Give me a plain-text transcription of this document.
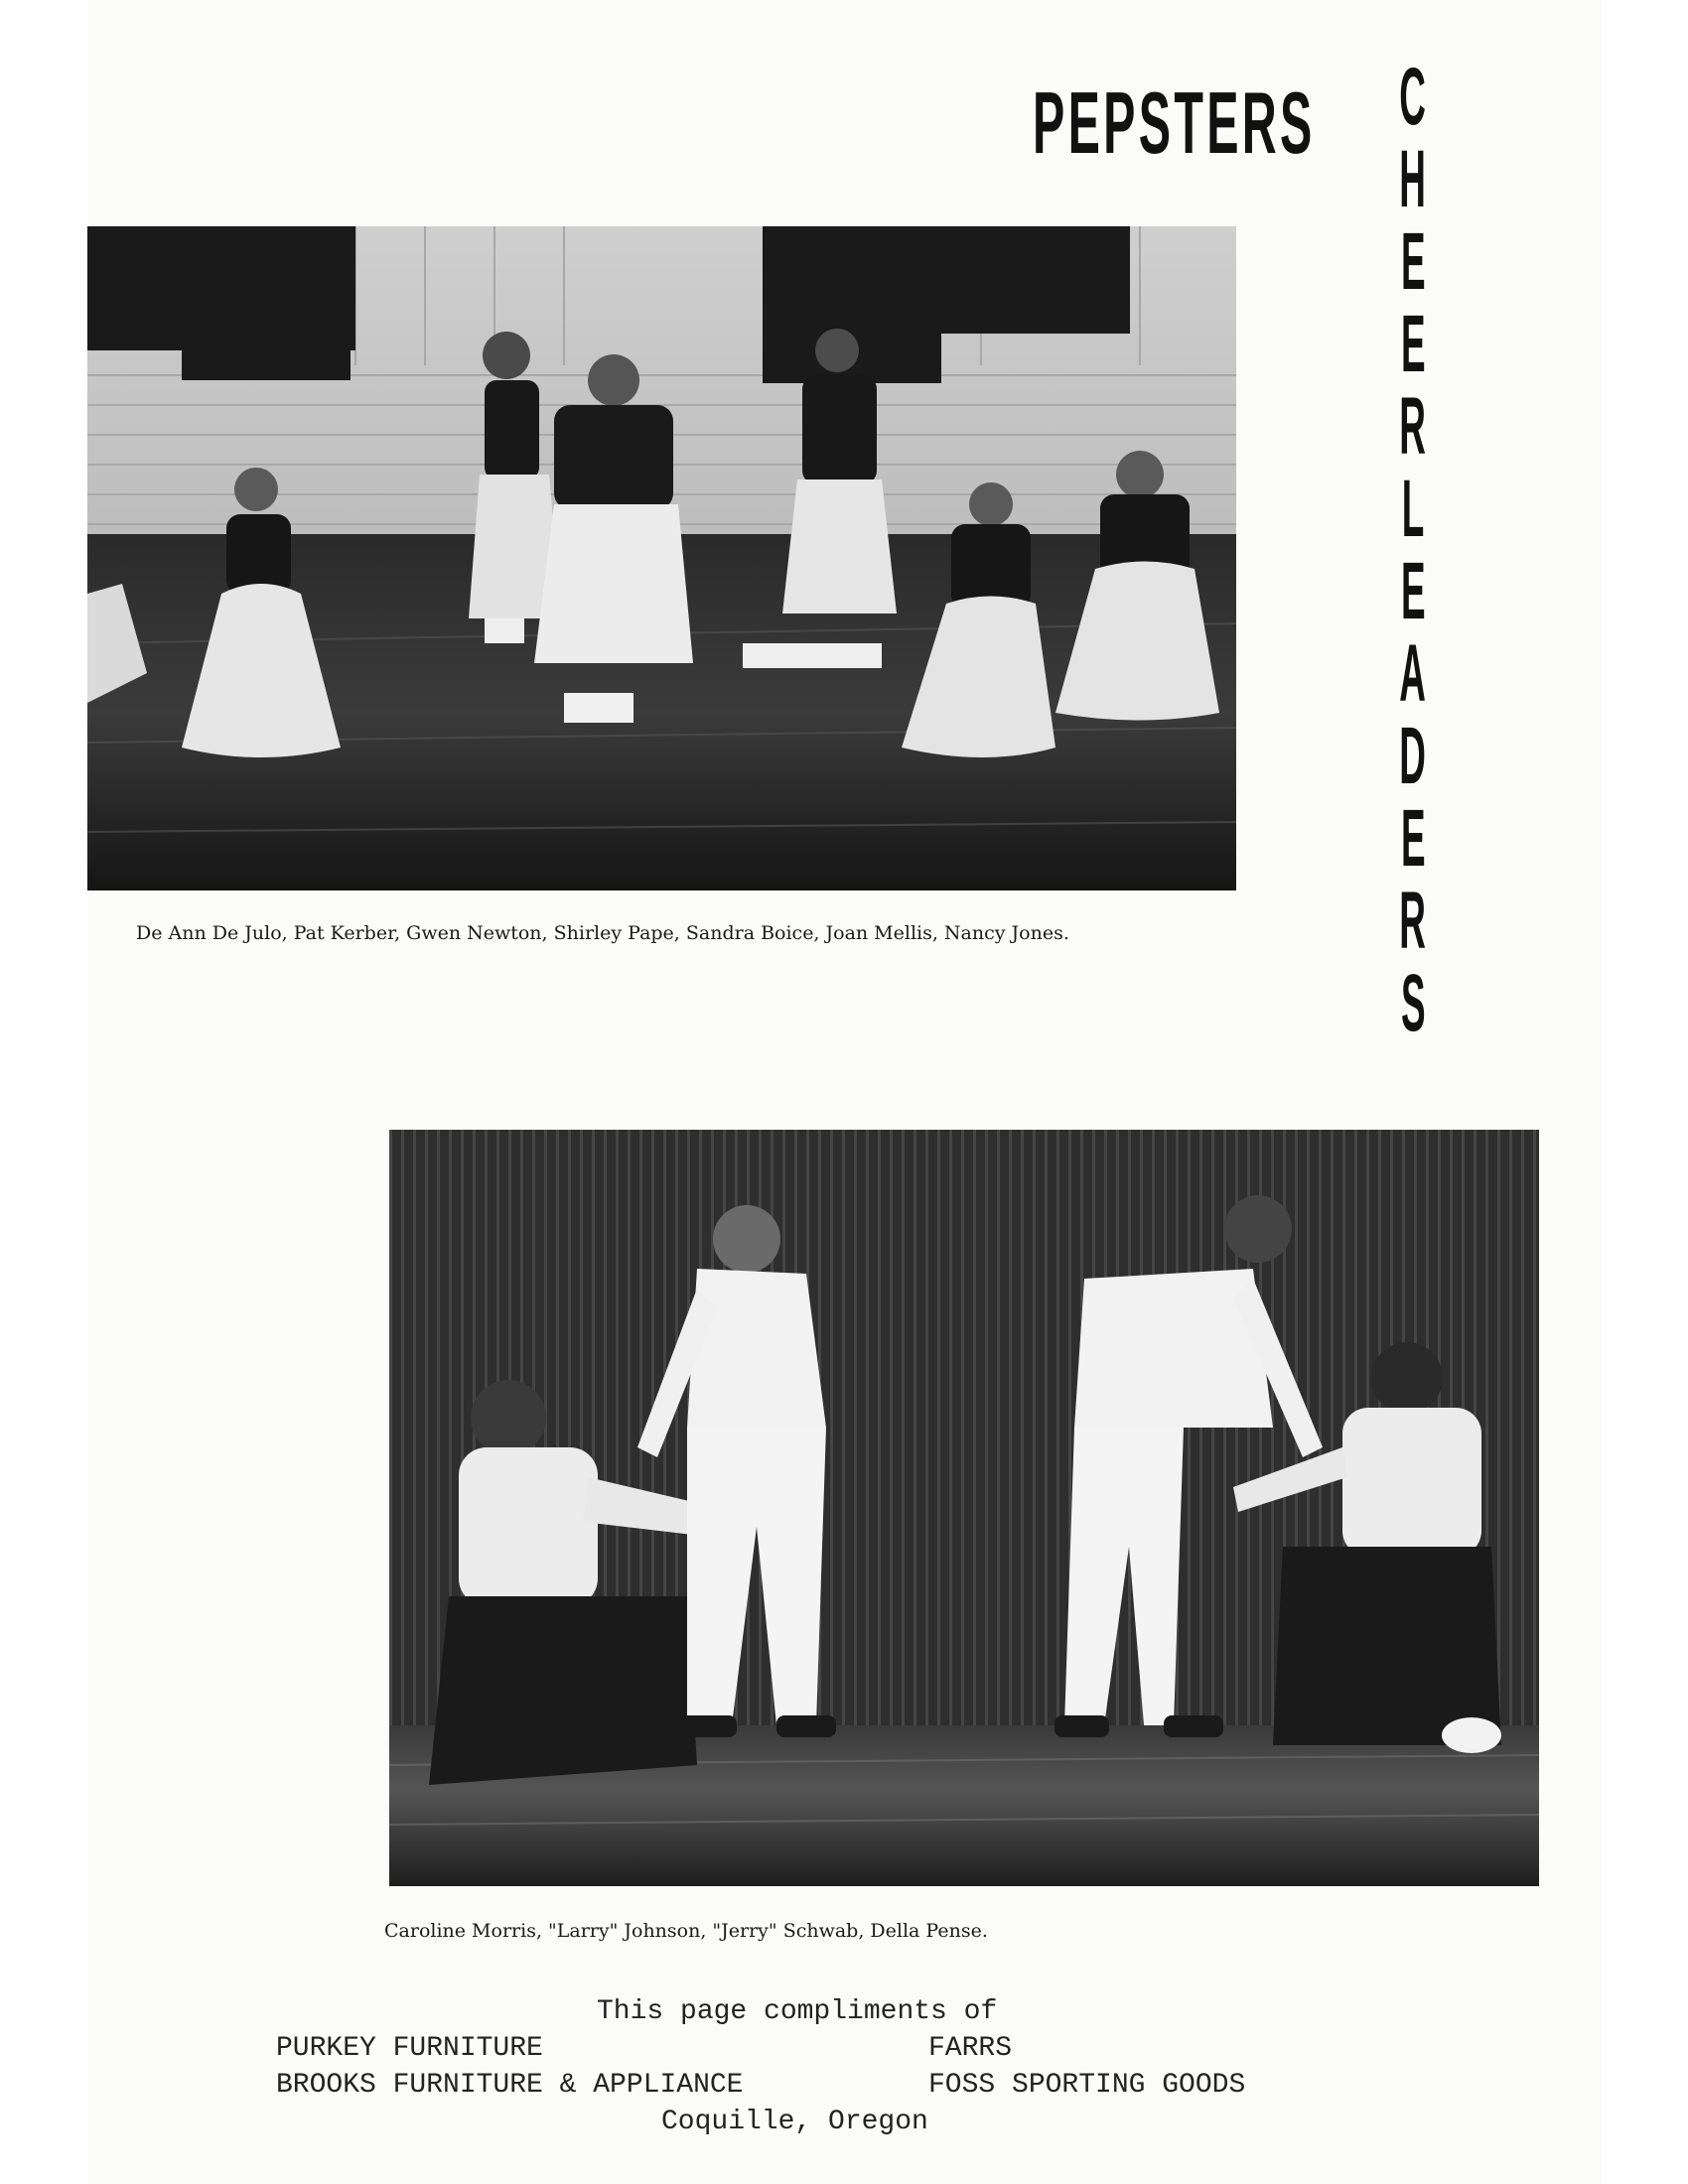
PEPSTERS C
H
E
E
R
L
E
A
D
E
R
S
De Ann De Julo, Pat Kerber, Gwen Newton, Shirley Pape, Sandra Boice, Joan Mellis, Nancy Jones.
Caroline Morris, "Larry" Johnson, "Jerry" Schwab, Della Pense.
This page compliments of
PURKEY FURNITURE	FARRS
BROOKS FURNITURE & APPLIANCE	FOSS SPORTING GOODS
Coquille, Oregon
